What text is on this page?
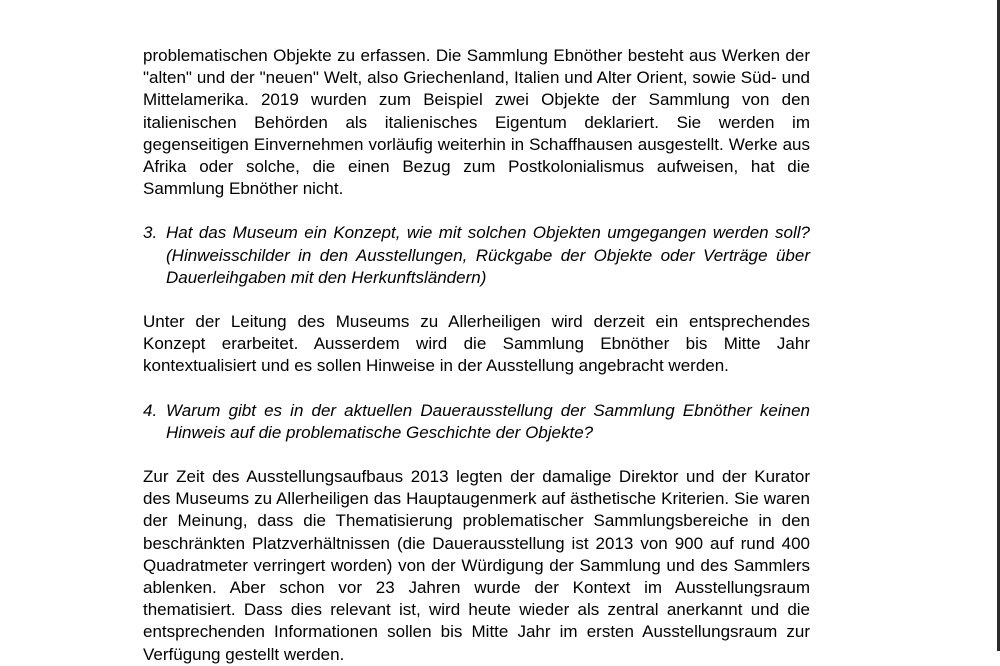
problematischen Objekte zu erfassen. Die Sammlung Ebnöther besteht aus Werken der "alten" und der "neuen" Welt, also Griechenland, Italien und Alter Orient, sowie Süd- und Mittelamerika. 2019 wurden zum Beispiel zwei Objekte der Sammlung von den italienischen Behörden als italienisches Eigentum deklariert. Sie werden im gegenseitigen Einvernehmen vorläufig weiterhin in Schaffhausen ausgestellt. Werke aus Afrika oder solche, die einen Bezug zum Postkolonialismus aufweisen, hat die Sammlung Ebnöther nicht.

3. Hat das Museum ein Konzept, wie mit solchen Objekten umgegangen werden soll? (Hinweisschilder in den Ausstellungen, Rückgabe der Objekte oder Verträge über Dauerleihgaben mit den Herkunftsländern)

Unter der Leitung des Museums zu Allerheiligen wird derzeit ein entsprechendes Konzept erarbeitet. Ausserdem wird die Sammlung Ebnöther bis Mitte Jahr kontextualisiert und es sollen Hinweise in der Ausstellung angebracht werden.

4. Warum gibt es in der aktuellen Dauerausstellung der Sammlung Ebnöther keinen Hinweis auf die problematische Geschichte der Objekte?

Zur Zeit des Ausstellungsaufbaus 2013 legten der damalige Direktor und der Kurator des Museums zu Allerheiligen das Hauptaugenmerk auf ästhetische Kriterien. Sie waren der Meinung, dass die Thematisierung problematischer Sammlungsbereiche in den beschränkten Platzverhältnissen (die Dauerausstellung ist 2013 von 900 auf rund 400 Quadratmeter verringert worden) von der Würdigung der Sammlung und des Sammlers ablenken. Aber schon vor 23 Jahren wurde der Kontext im Ausstellungsraum thematisiert. Dass dies relevant ist, wird heute wieder als zentral anerkannt und die entsprechenden Informationen sollen bis Mitte Jahr im ersten Ausstellungsraum zur Verfügung gestellt werden.
